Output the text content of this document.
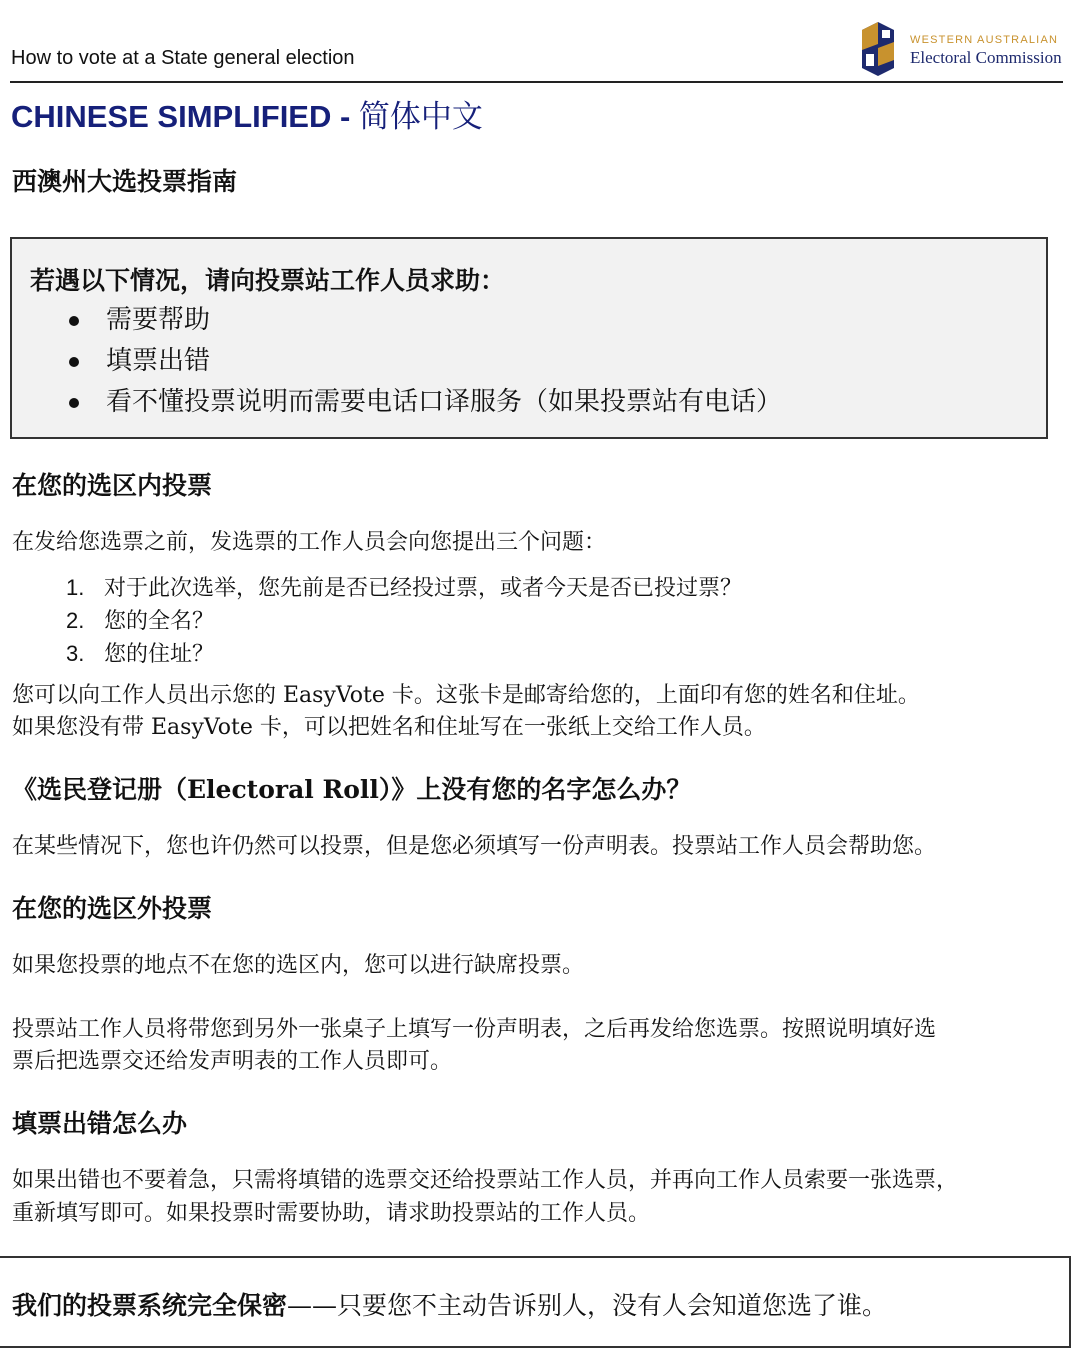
How to vote at a State general election
WESTERN AUSTRALIAN
Electoral Commission
CHINESE SIMPLIFIED - 简体中文
西澳州大选投票指南
若遇以下情况，请向投票站工作人员求助：
需要帮助
填票出错
看不懂投票说明而需要电话口译服务（如果投票站有电话）
在您的选区内投票

在发给您选票之前，发选票的工作人员会向您提出三个问题：

1. 对于此次选举，您先前是否已经投过票，或者今天是否已投过票？
2. 您的全名？
3. 您的住址？

您可以向工作人员出示您的 EasyVote 卡。这张卡是邮寄给您的，上面印有您的姓名和住址。

如果您没有带 EasyVote 卡，可以把姓名和住址写在一张纸上交给工作人员。

《选民登记册（Electoral Roll）》上没有您的名字怎么办？

在某些情况下，您也许仍然可以投票，但是您必须填写一份声明表。投票站工作人员会帮助您。

在您的选区外投票

如果您投票的地点不在您的选区内，您可以进行缺席投票。

投票站工作人员将带您到另外一张桌子上填写一份声明表，之后再发给您选票。按照说明填好选

票后把选票交还给发声明表的工作人员即可。

填票出错怎么办

如果出错也不要着急，只需将填错的选票交还给投票站工作人员，并再向工作人员索要一张选票，

重新填写即可。如果投票时需要协助，请求助投票站的工作人员。

我们的投票系统完全保密——只要您不主动告诉别人，没有人会知道您选了谁。
